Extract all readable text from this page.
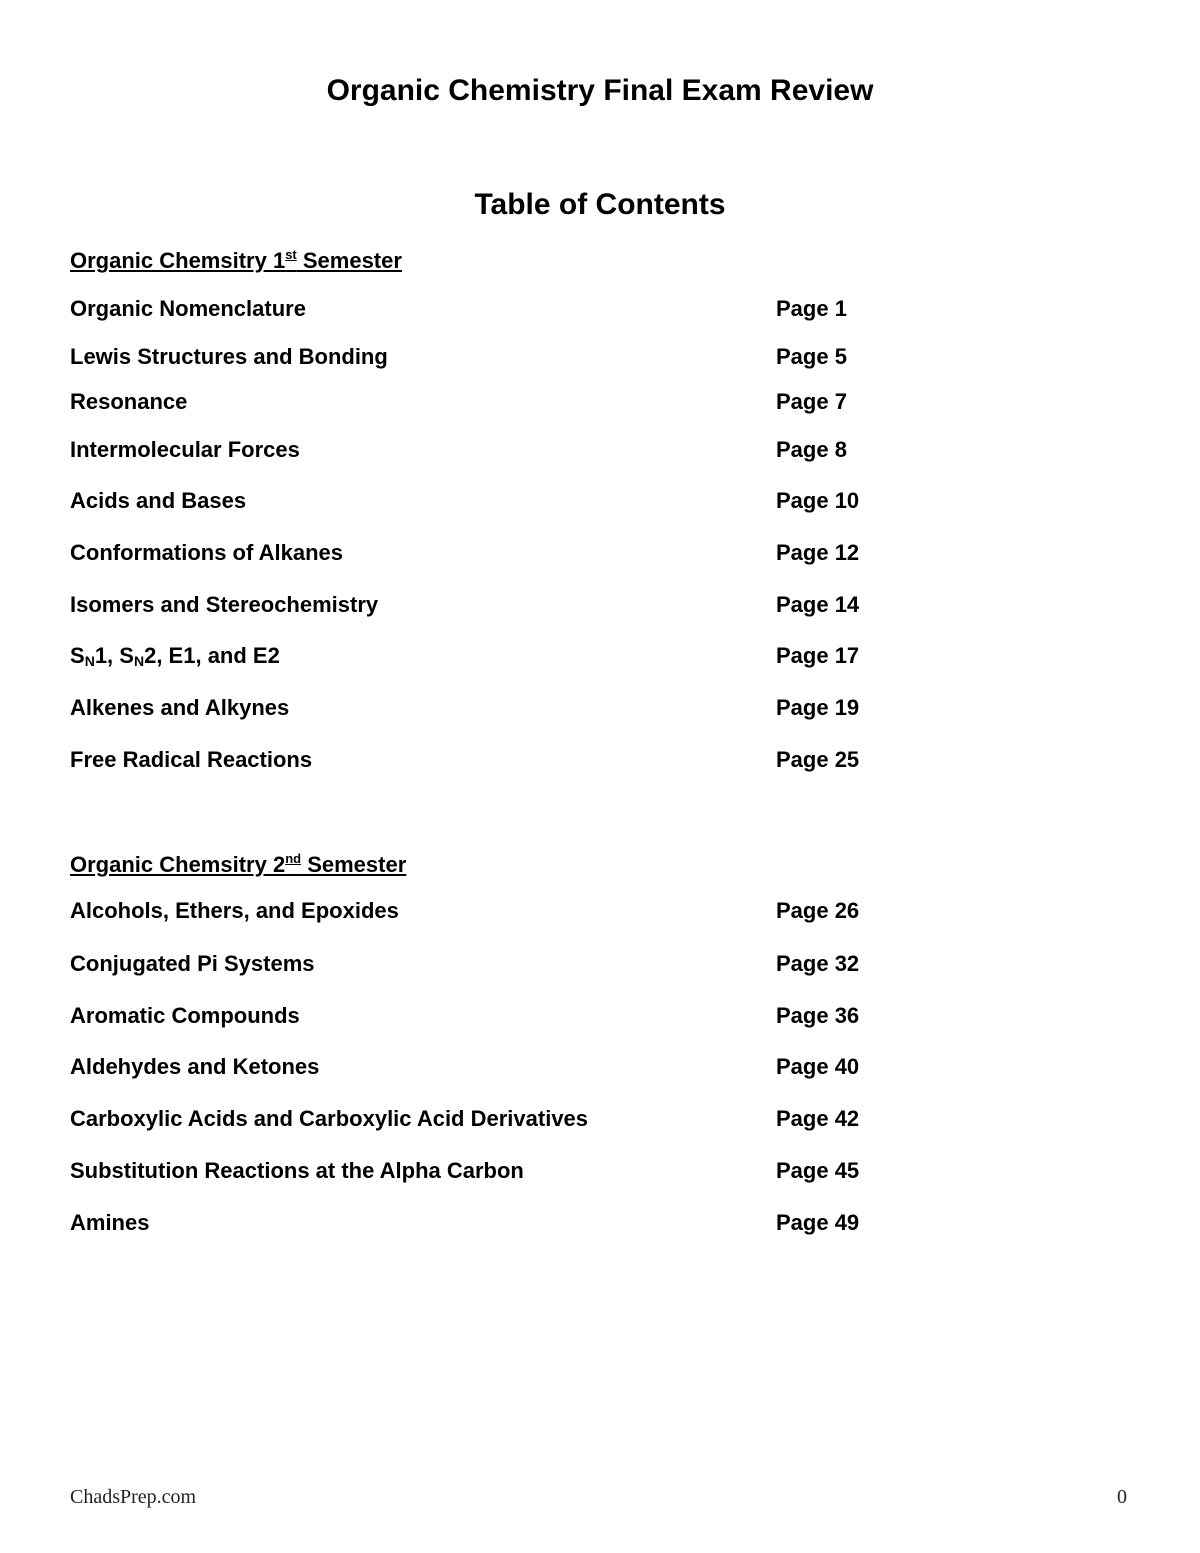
Organic Chemistry Final Exam Review
Table of Contents
Organic Chemsitry 1st Semester
Organic Nomenclature	Page 1
Lewis Structures and Bonding	Page 5
Resonance	Page 7
Intermolecular Forces	Page 8
Acids and Bases	Page 10
Conformations of Alkanes	Page 12
Isomers and Stereochemistry	Page 14
$S_N1$, $S_N2$, E1, and E2	Page 17
Alkenes and Alkynes	Page 19
Free Radical Reactions	Page 25
Organic Chemsitry 2nd Semester
Alcohols, Ethers, and Epoxides	Page 26
Conjugated Pi Systems	Page 32
Aromatic Compounds	Page 36
Aldehydes and Ketones	Page 40
Carboxylic Acids and Carboxylic Acid Derivatives	Page 42
Substitution Reactions at the Alpha Carbon	Page 45
Amines	Page 49
ChadsPrep.com	0
